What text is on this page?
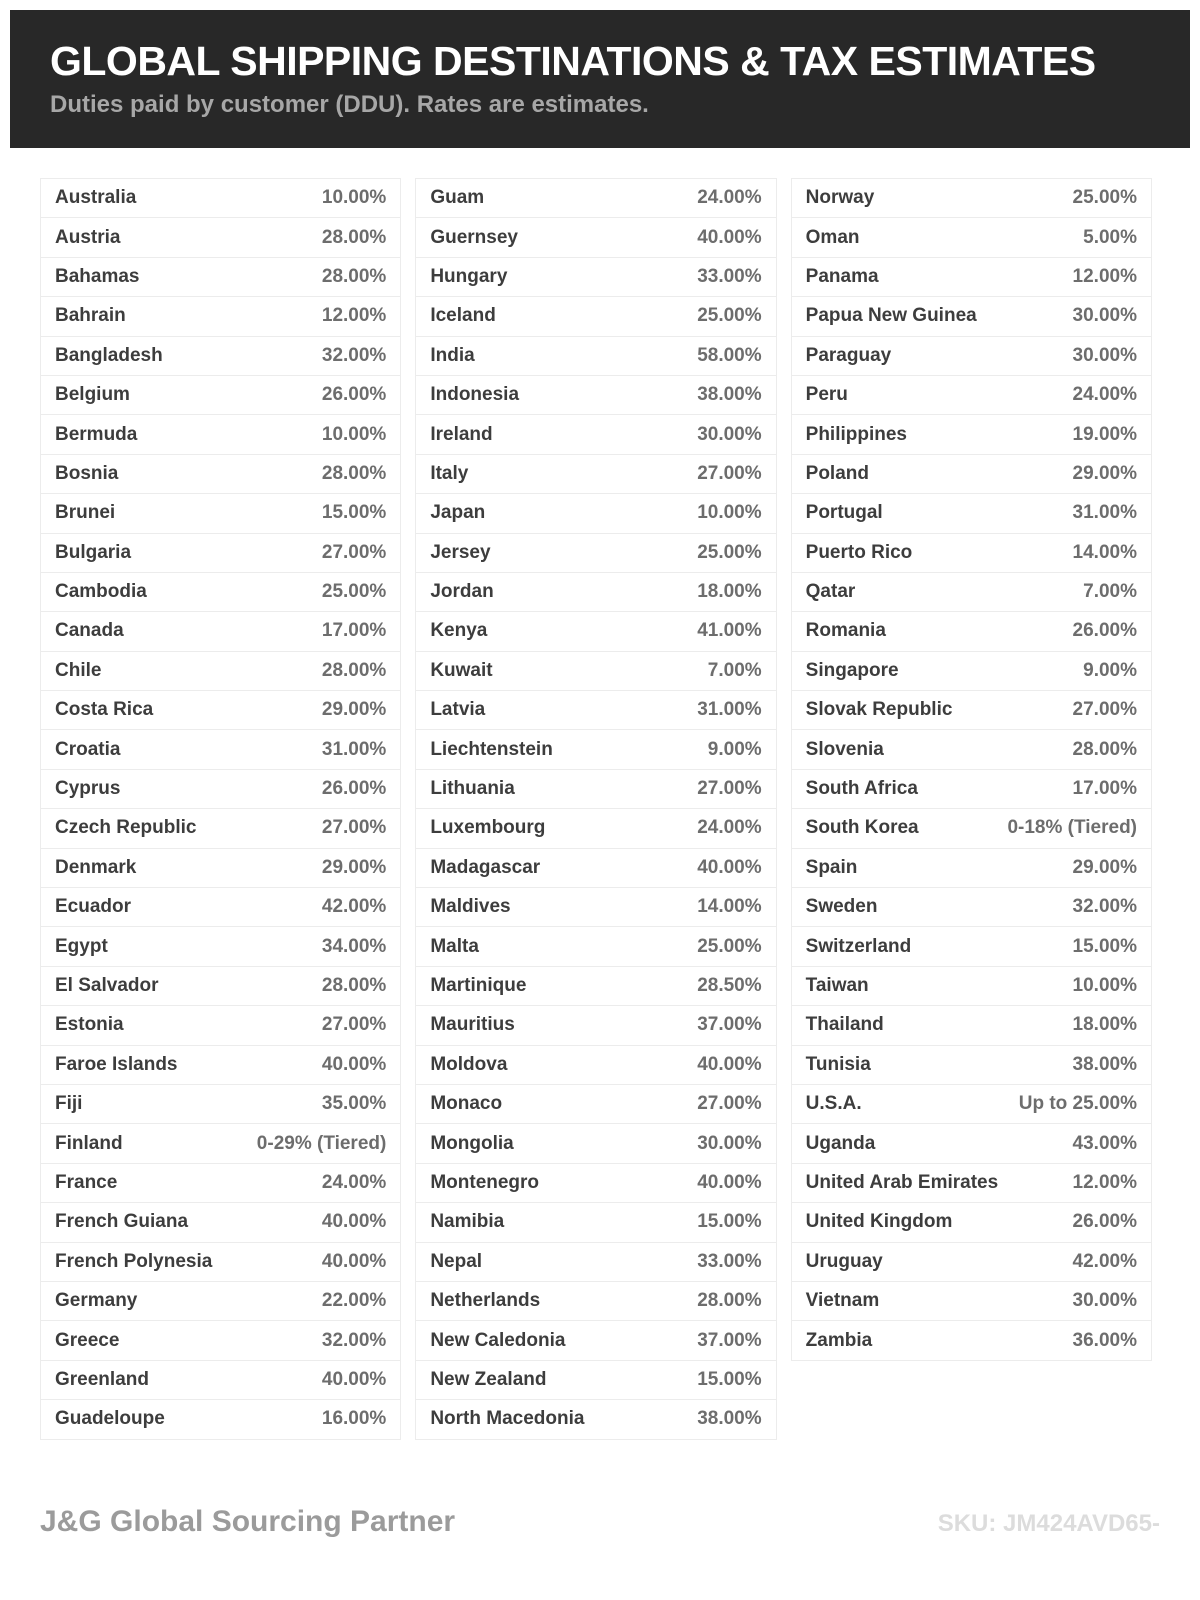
GLOBAL SHIPPING DESTINATIONS & TAX ESTIMATES

Duties paid by customer (DDU). Rates are estimates.

Australia	10.00%
Austria	28.00%
Bahamas	28.00%
Bahrain	12.00%
Bangladesh	32.00%
Belgium	26.00%
Bermuda	10.00%
Bosnia	28.00%
Brunei	15.00%
Bulgaria	27.00%
Cambodia	25.00%
Canada	17.00%
Chile	28.00%
Costa Rica	29.00%
Croatia	31.00%
Cyprus	26.00%
Czech Republic	27.00%
Denmark	29.00%
Ecuador	42.00%
Egypt	34.00%
El Salvador	28.00%
Estonia	27.00%
Faroe Islands	40.00%
Fiji	35.00%
Finland	0-29% (Tiered)
France	24.00%
French Guiana	40.00%
French Polynesia	40.00%
Germany	22.00%
Greece	32.00%
Greenland	40.00%
Guadeloupe	16.00%
Guam	24.00%
Guernsey	40.00%
Hungary	33.00%
Iceland	25.00%
India	58.00%
Indonesia	38.00%
Ireland	30.00%
Italy	27.00%
Japan	10.00%
Jersey	25.00%
Jordan	18.00%
Kenya	41.00%
Kuwait	7.00%
Latvia	31.00%
Liechtenstein	9.00%
Lithuania	27.00%
Luxembourg	24.00%
Madagascar	40.00%
Maldives	14.00%
Malta	25.00%
Martinique	28.50%
Mauritius	37.00%
Moldova	40.00%
Monaco	27.00%
Mongolia	30.00%
Montenegro	40.00%
Namibia	15.00%
Nepal	33.00%
Netherlands	28.00%
New Caledonia	37.00%
New Zealand	15.00%
North Macedonia	38.00%
Norway	25.00%
Oman	5.00%
Panama	12.00%
Papua New Guinea	30.00%
Paraguay	30.00%
Peru	24.00%
Philippines	19.00%
Poland	29.00%
Portugal	31.00%
Puerto Rico	14.00%
Qatar	7.00%
Romania	26.00%
Singapore	9.00%
Slovak Republic	27.00%
Slovenia	28.00%
South Africa	17.00%
South Korea	0-18% (Tiered)
Spain	29.00%
Sweden	32.00%
Switzerland	15.00%
Taiwan	10.00%
Thailand	18.00%
Tunisia	38.00%
U.S.A.	Up to 25.00%
Uganda	43.00%
United Arab Emirates	12.00%
United Kingdom	26.00%
Uruguay	42.00%
Vietnam	30.00%
Zambia	36.00%
J&G Global Sourcing Partner	SKU: JM424AVD65-
